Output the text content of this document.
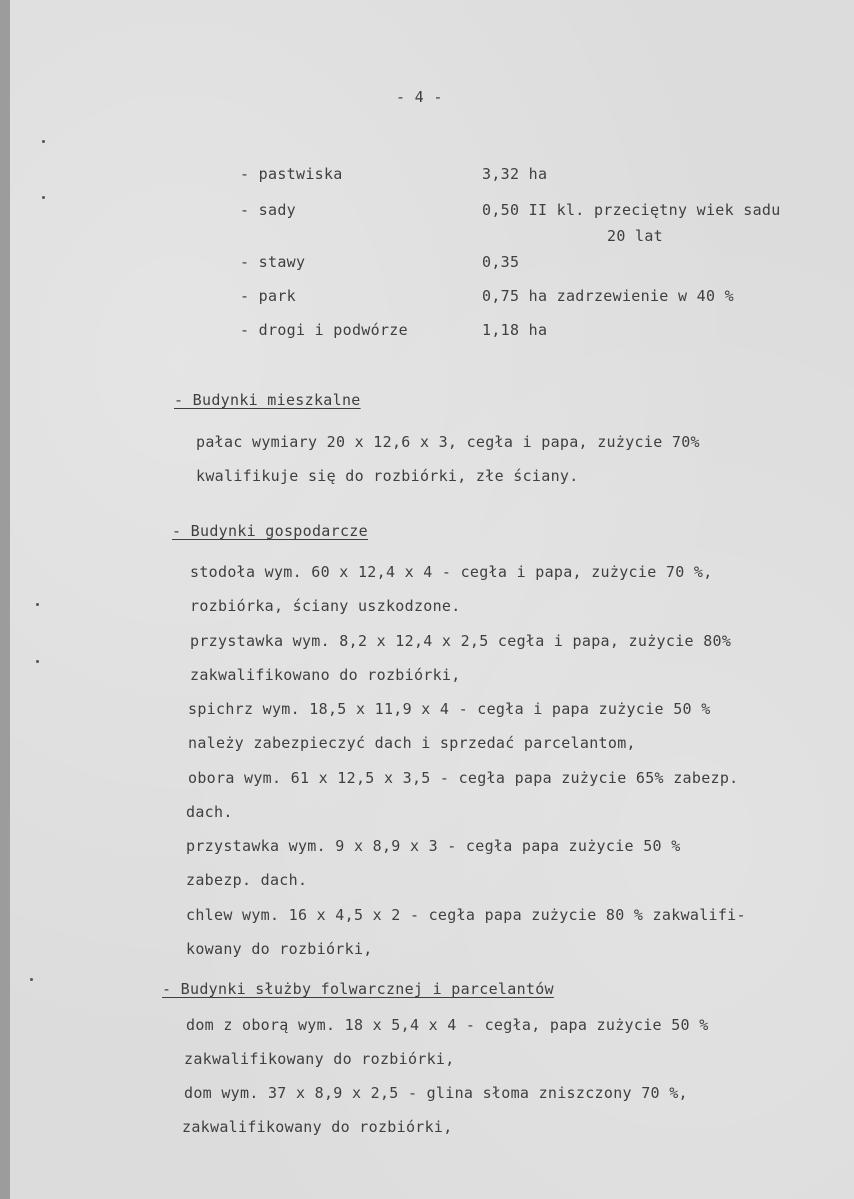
- 4 -
- pastwiska	3,32 ha
- sady	0,50 II kl. przeciętny wiek sadu
20 lat
- stawy	0,35
- park	0,75 ha zadrzewienie w 40 %
- drogi i podwórze	1,18 ha
- Budynki mieszkalne
pałac wymiary 20 x 12,6 x 3, cegła i papa, zużycie 70%
kwalifikuje się do rozbiórki, złe ściany.
- Budynki gospodarcze
stodoła wym. 60 x 12,4 x 4 - cegła i papa, zużycie 70 %,
rozbiórka, ściany uszkodzone.
przystawka wym. 8,2 x 12,4 x 2,5 cegła i papa, zużycie 80%
zakwalifikowano do rozbiórki,
spichrz wym. 18,5 x 11,9 x 4 - cegła i papa zużycie 50 %
należy zabezpieczyć dach i sprzedać parcelantom,
obora wym. 61 x 12,5 x 3,5 - cegła papa zużycie 65% zabezp.
dach.
przystawka wym. 9 x 8,9 x 3 - cegła papa zużycie 50 %
zabezp. dach.
chlew wym. 16 x 4,5 x 2 - cegła papa zużycie 80 % zakwalifi-
kowany do rozbiórki,
- Budynki służby folwarcznej i parcelantów
dom z oborą wym. 18 x 5,4 x 4 - cegła, papa zużycie 50 %
zakwalifikowany do rozbiórki,
dom wym. 37 x 8,9 x 2,5 - glina słoma zniszczony 70 %,
zakwalifikowany do rozbiórki,
